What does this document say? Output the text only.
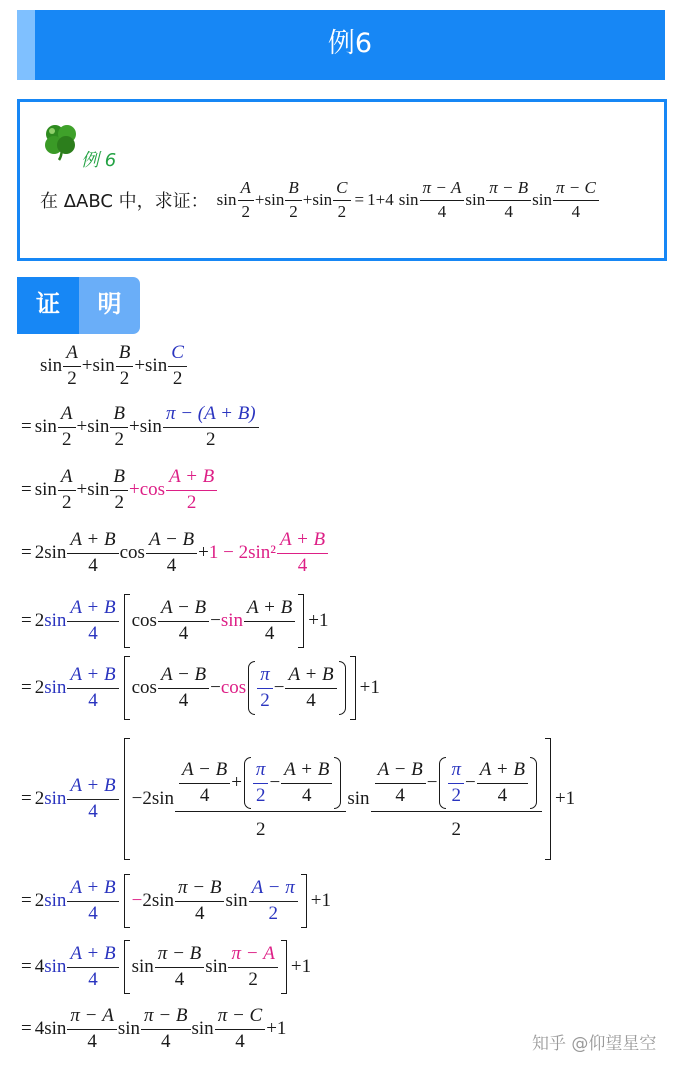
例6
例 6
在 ΔABC 中，求证： $\sin \frac{A}{2} + \sin \frac{B}{2} + \sin \frac{C}{2} = 1 + 4$ $\sin \frac{\pi - A}{4}$ $\sin \frac{\pi - B}{4}$ $\sin \frac{\pi - C}{4}$
证	明
$\sin \frac{A}{2} + \sin \frac{B}{2} + \sin \frac{C}{2}$
= $\sin \frac{A}{2} + \sin \frac{B}{2} + \sin \frac{\pi - (A + B)}{2}$
= $\sin \frac{A}{2} + \sin \frac{B}{2} +\cos \frac{A + B}{2}$
= $2\sin \frac{A + B}{4}$ $\cos \frac{A - B}{4} + 1 - 2\sin^2 \frac{A + B}{4}$
= 2 $\sin \frac{A + B}{4}$ $\cos \frac{A - B}{4} - \sin \frac{A + B}{4} +1$
= 2 $\sin \frac{A + B}{4}$ $\cos \frac{A - B}{4} - \cos \frac{\pi}{2} - \frac{A + B}{4} +1$
= 2 $\sin \frac{A + B}{4} -2\sin \frac{\frac{A - B}{4} + \frac{\pi}{2} - \frac{A + B}{4}}{2}$ $\sin \frac{\frac{A - B}{4} - \frac{\pi}{2} - \frac{A + B}{4}}{2} +1$
= 2 $\sin \frac{A + B}{4} - 2\sin \frac{\pi - B}{4}$ $\sin \frac{A - \pi}{2} +1$
= 4 $\sin \frac{A + B}{4}$ $\sin \frac{\pi - B}{4}$ $\sin \frac{\pi - A}{2} +1$
= $4\sin \frac{\pi - A}{4}$ $\sin \frac{\pi - B}{4}$ $\sin \frac{\pi - C}{4} +1$
知乎 @仰望星空
